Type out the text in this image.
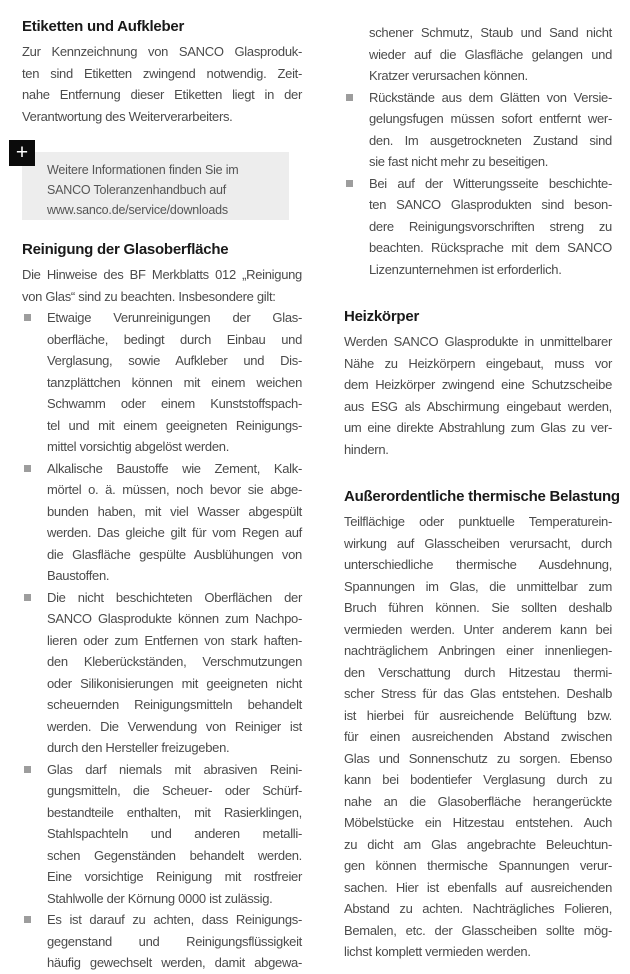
Etiketten und Aufkleber
Zur Kennzeichnung von SANCO Glasproduk-
ten sind Etiketten zwingend notwendig. Zeit-
nahe Entfernung dieser Etiketten liegt in der
Verantwortung des Weiterverarbeiters.
+
Weitere Informationen finden Sie im
SANCO Toleranzenhandbuch auf
www.sanco.de/service/downloads
Reinigung der Glasoberfläche
Die Hinweise des BF Merkblatts 012 „Reinigung
von Glas“ sind zu beachten. Insbesondere gilt:
Etwaige Verunreinigungen der Glas-
oberfläche, bedingt durch Einbau und
Verglasung, sowie Aufkleber und Dis-
tanzplättchen können mit einem weichen
Schwamm oder einem Kunststoffspach-
tel und mit einem geeigneten Reinigungs-
mittel vorsichtig abgelöst werden.
Alkalische Baustoffe wie Zement, Kalk-
mörtel o. ä. müssen, noch bevor sie abge-
bunden haben, mit viel Wasser abgespült
werden. Das gleiche gilt für vom Regen auf
die Glasfläche gespülte Ausblühungen von
Baustoffen.
Die nicht beschichteten Oberflächen der
SANCO Glasprodukte können zum Nachpo-
lieren oder zum Entfernen von stark haften-
den Kleberückständen, Verschmutzungen
oder Silikonisierungen mit geeigneten nicht
scheuernden Reinigungsmitteln behandelt
werden. Die Verwendung von Reiniger ist
durch den Hersteller freizugeben.
Glas darf niemals mit abrasiven Reini-
gungsmitteln, die Scheuer- oder Schürf-
bestandteile enthalten, mit Rasierklingen,
Stahlspachteln und anderen metalli-
schen Gegenständen behandelt werden.
Eine vorsichtige Reinigung mit rostfreier
Stahlwolle der Körnung 0000 ist zulässig.
Es ist darauf zu achten, dass Reinigungs-
gegenstand und Reinigungsflüssigkeit
häufig gewechselt werden, damit abgewa-
schener Schmutz, Staub und Sand nicht
wieder auf die Glasfläche gelangen und
Kratzer verursachen können.
Rückstände aus dem Glätten von Versie-
gelungsfugen müssen sofort entfernt wer-
den. Im ausgetrockneten Zustand sind
sie fast nicht mehr zu beseitigen.
Bei auf der Witterungsseite beschichte-
ten SANCO Glasprodukten sind beson-
dere Reinigungsvorschriften streng zu
beachten. Rücksprache mit dem SANCO
Lizenzunternehmen ist erforderlich.
Heizkörper
Werden SANCO Glasprodukte in unmittelbarer
Nähe zu Heizkörpern eingebaut, muss vor
dem Heizkörper zwingend eine Schutzscheibe
aus ESG als Abschirmung eingebaut werden,
um eine direkte Abstrahlung zum Glas zu ver-
hindern.
Außerordentliche thermische Belastung
Teilflächige oder punktuelle Temperaturein-
wirkung auf Glasscheiben verursacht, durch
unterschiedliche thermische Ausdehnung,
Spannungen im Glas, die unmittelbar zum
Bruch führen können. Sie sollten deshalb
vermieden werden. Unter anderem kann bei
nachträglichem Anbringen einer innenliegen-
den Verschattung durch Hitzestau thermi-
scher Stress für das Glas entstehen. Deshalb
ist hierbei für ausreichende Belüftung bzw.
für einen ausreichenden Abstand zwischen
Glas und Sonnenschutz zu sorgen. Ebenso
kann bei bodentiefer Verglasung durch zu
nahe an die Glasoberfläche herangerückte
Möbelstücke ein Hitzestau entstehen. Auch
zu dicht am Glas angebrachte Beleuchtun-
gen können thermische Spannungen verur-
sachen. Hier ist ebenfalls auf ausreichenden
Abstand zu achten. Nachträgliches Folieren,
Bemalen, etc. der Glasscheiben sollte mög-
lichst komplett vermieden werden.
